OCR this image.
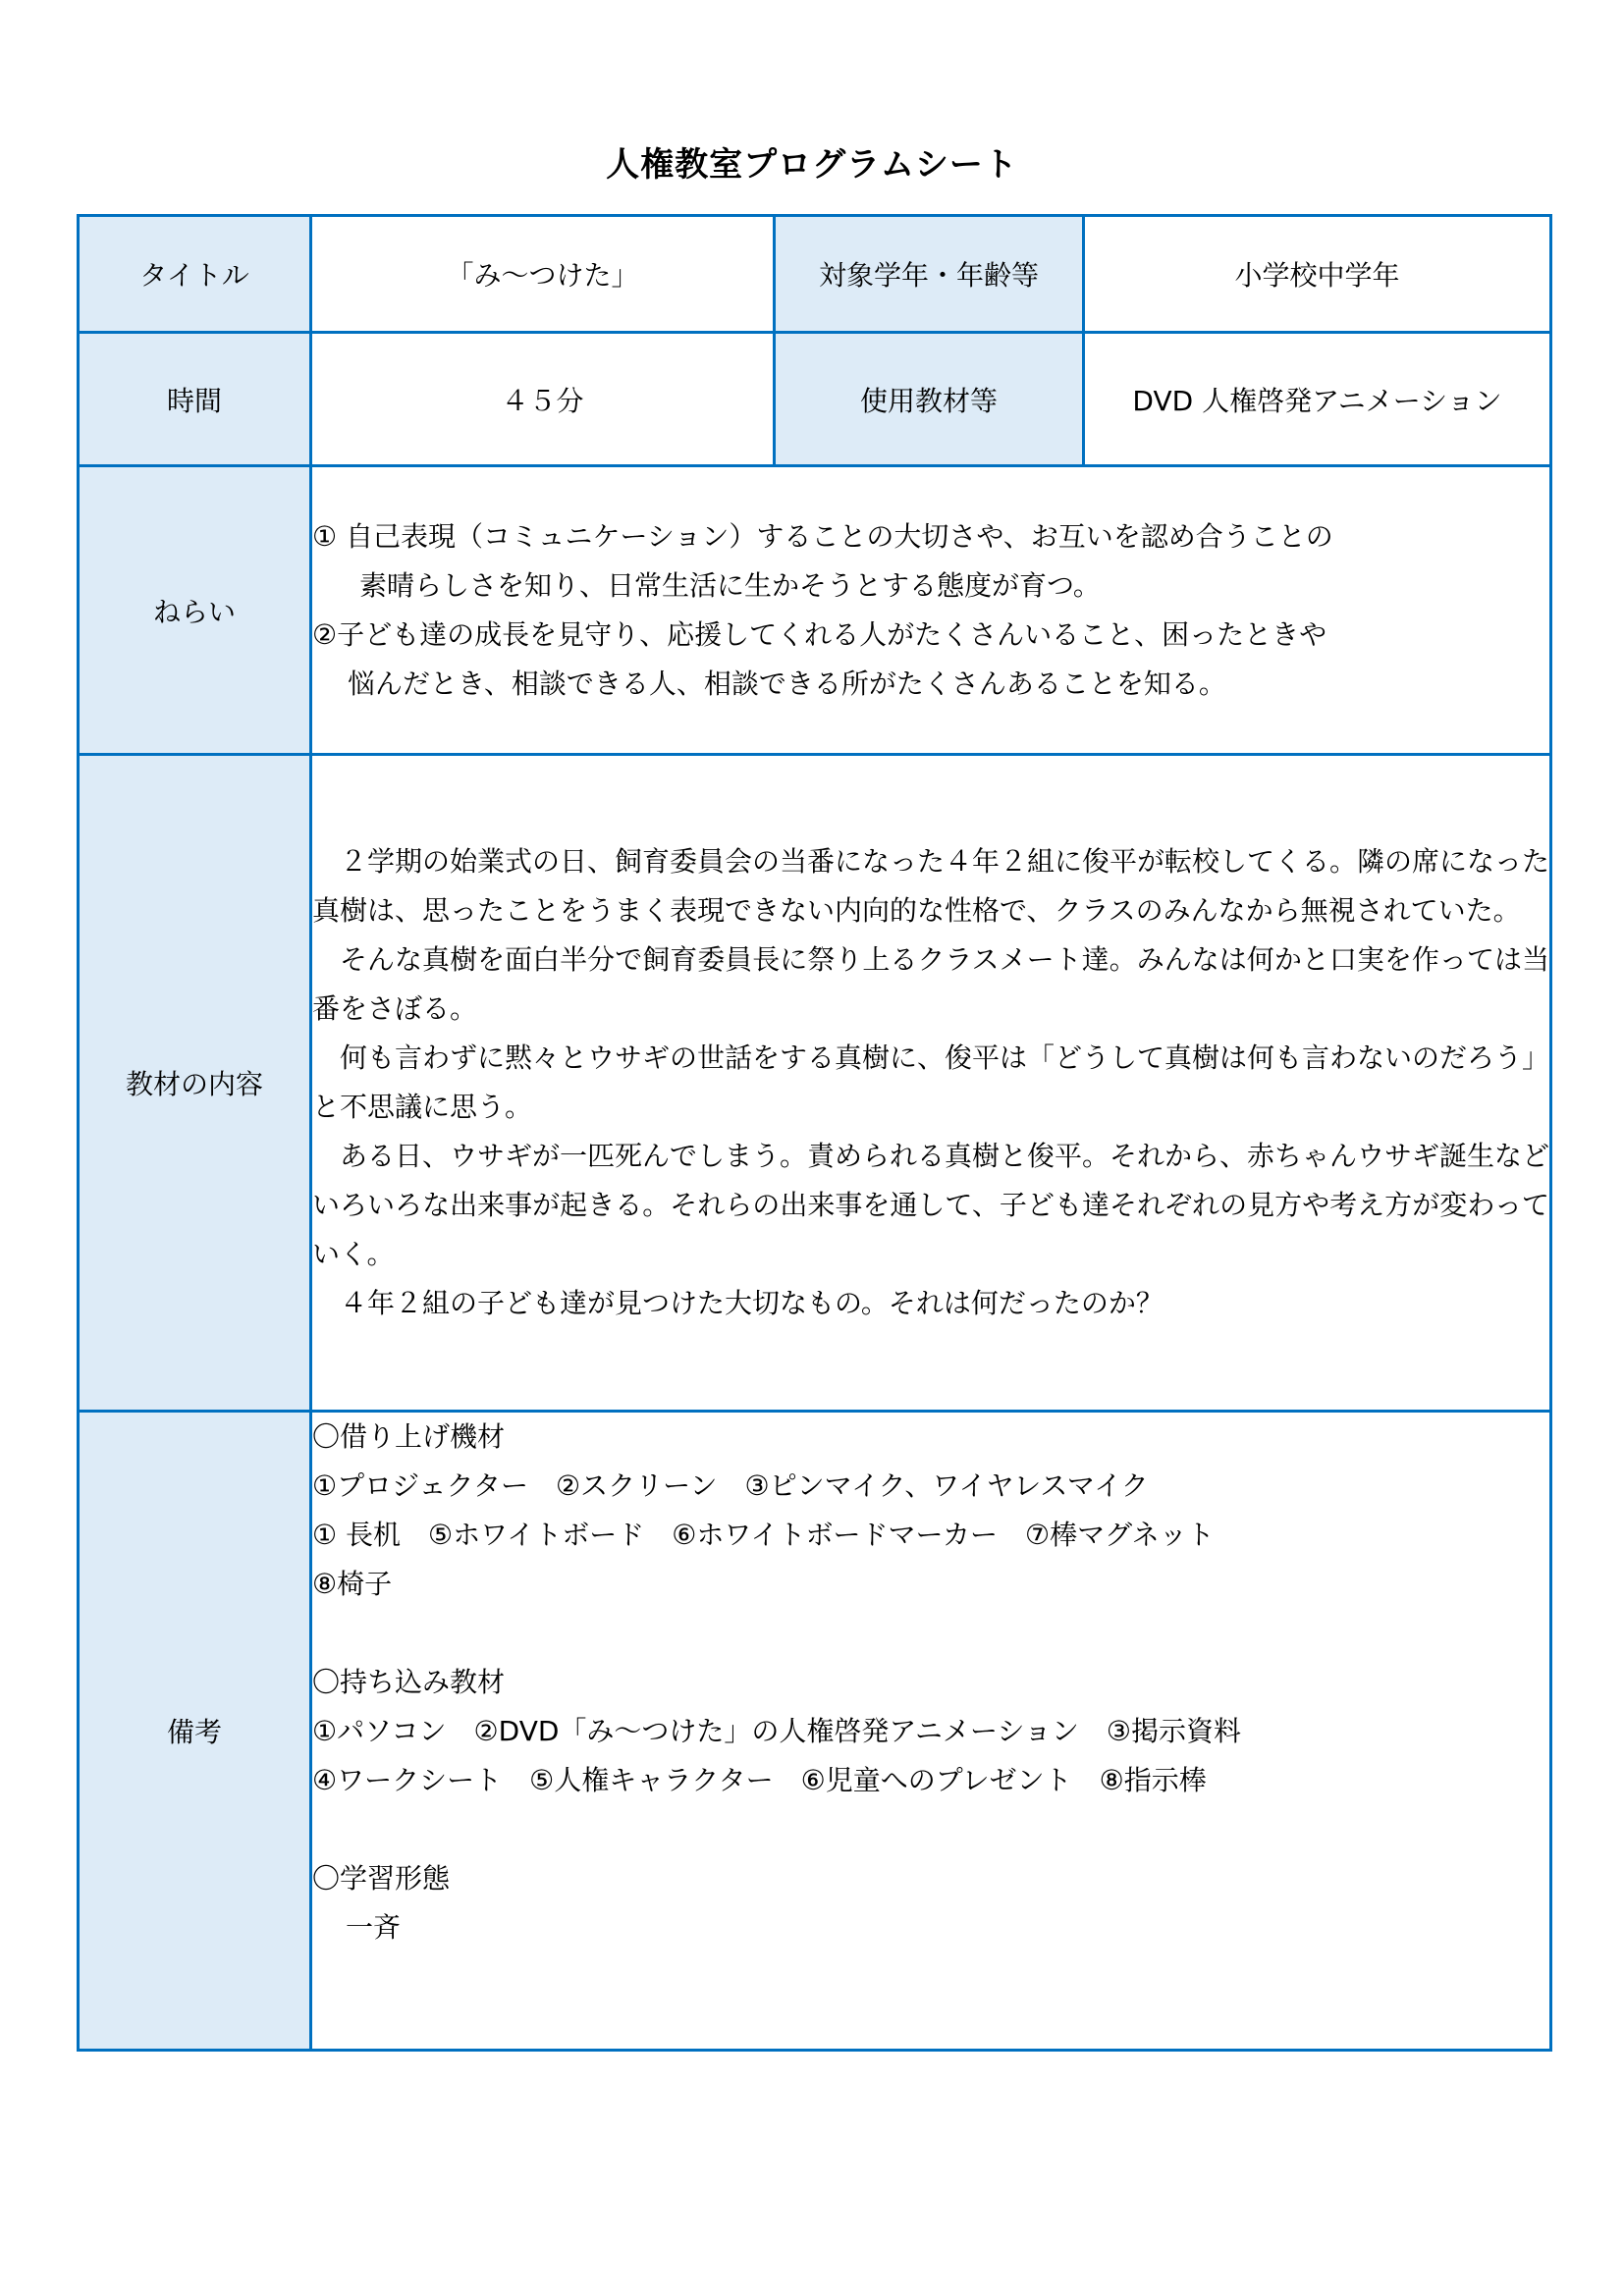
人権教室プログラムシート
タイトル	「み～つけた」	対象学年・年齢等	小学校中学年
時間	４５分	使用教材等	DVD 人権啓発アニメーション
ねらい	① 自己表現（コミュニケーション）することの大切さや、お互いを認め合うことの
素晴らしさを知り、日常生活に生かそうとする態度が育つ。
②子ども達の成長を見守り、応援してくれる人がたくさんいること、困ったときや
悩んだとき、相談できる人、相談できる所がたくさんあることを知る。		

教材の内容	２学期の始業式の日、飼育委員会の当番になった４年２組に俊平が転校してくる。隣の席になった真樹は、思ったことをうまく表現できない内向的な性格で、クラスのみんなから無視されていた。

そんな真樹を面白半分で飼育委員長に祭り上るクラスメート達。みんなは何かと口実を作っては当番をさぼる。

何も言わずに黙々とウサギの世話をする真樹に、俊平は「どうして真樹は何も言わないのだろう」と不思議に思う。

ある日、ウサギが一匹死んでしまう。責められる真樹と俊平。それから、赤ちゃんウサギ誕生などいろいろな出来事が起きる。それらの出来事を通して、子ども達それぞれの見方や考え方が変わっていく。

４年２組の子ども達が見つけた大切なもの。それは何だったのか？		

備考	
〇借り上げ機材
①プロジェクター　②スクリーン　③ピンマイク、ワイヤレスマイク
① 長机　⑤ホワイトボード　⑥ホワイトボードマーカー　⑦棒マグネット
⑧椅子
〇持ち込み教材
①パソコン　②DVD「み～つけた」の人権啓発アニメーション　③掲示資料
④ワークシート　⑤人権キャラクター　⑥児童へのプレゼント　⑧指示棒
〇学習形態
一斉
